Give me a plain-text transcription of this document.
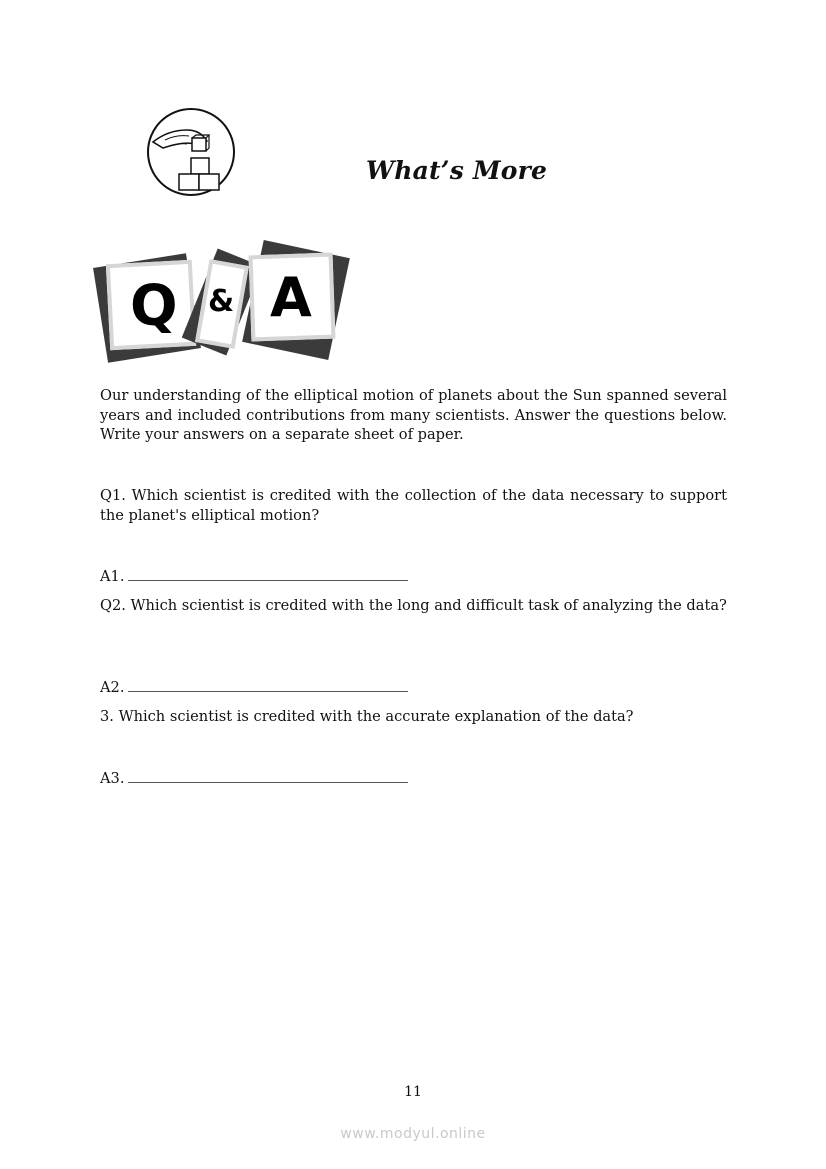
What’s More
Q & A

Our understanding of the elliptical motion of planets about the Sun spanned several years and included contributions from many scientists. Answer the questions below. Write your answers on a separate sheet of paper.

Q1. Which scientist is credited with the collection of the data necessary to support the planet's elliptical motion?

A1.

Q2. Which scientist is credited with the long and difficult task of analyzing the data?

A2.

3. Which scientist is credited with the accurate explanation of the data?

A3.
11
www.modyul.online
